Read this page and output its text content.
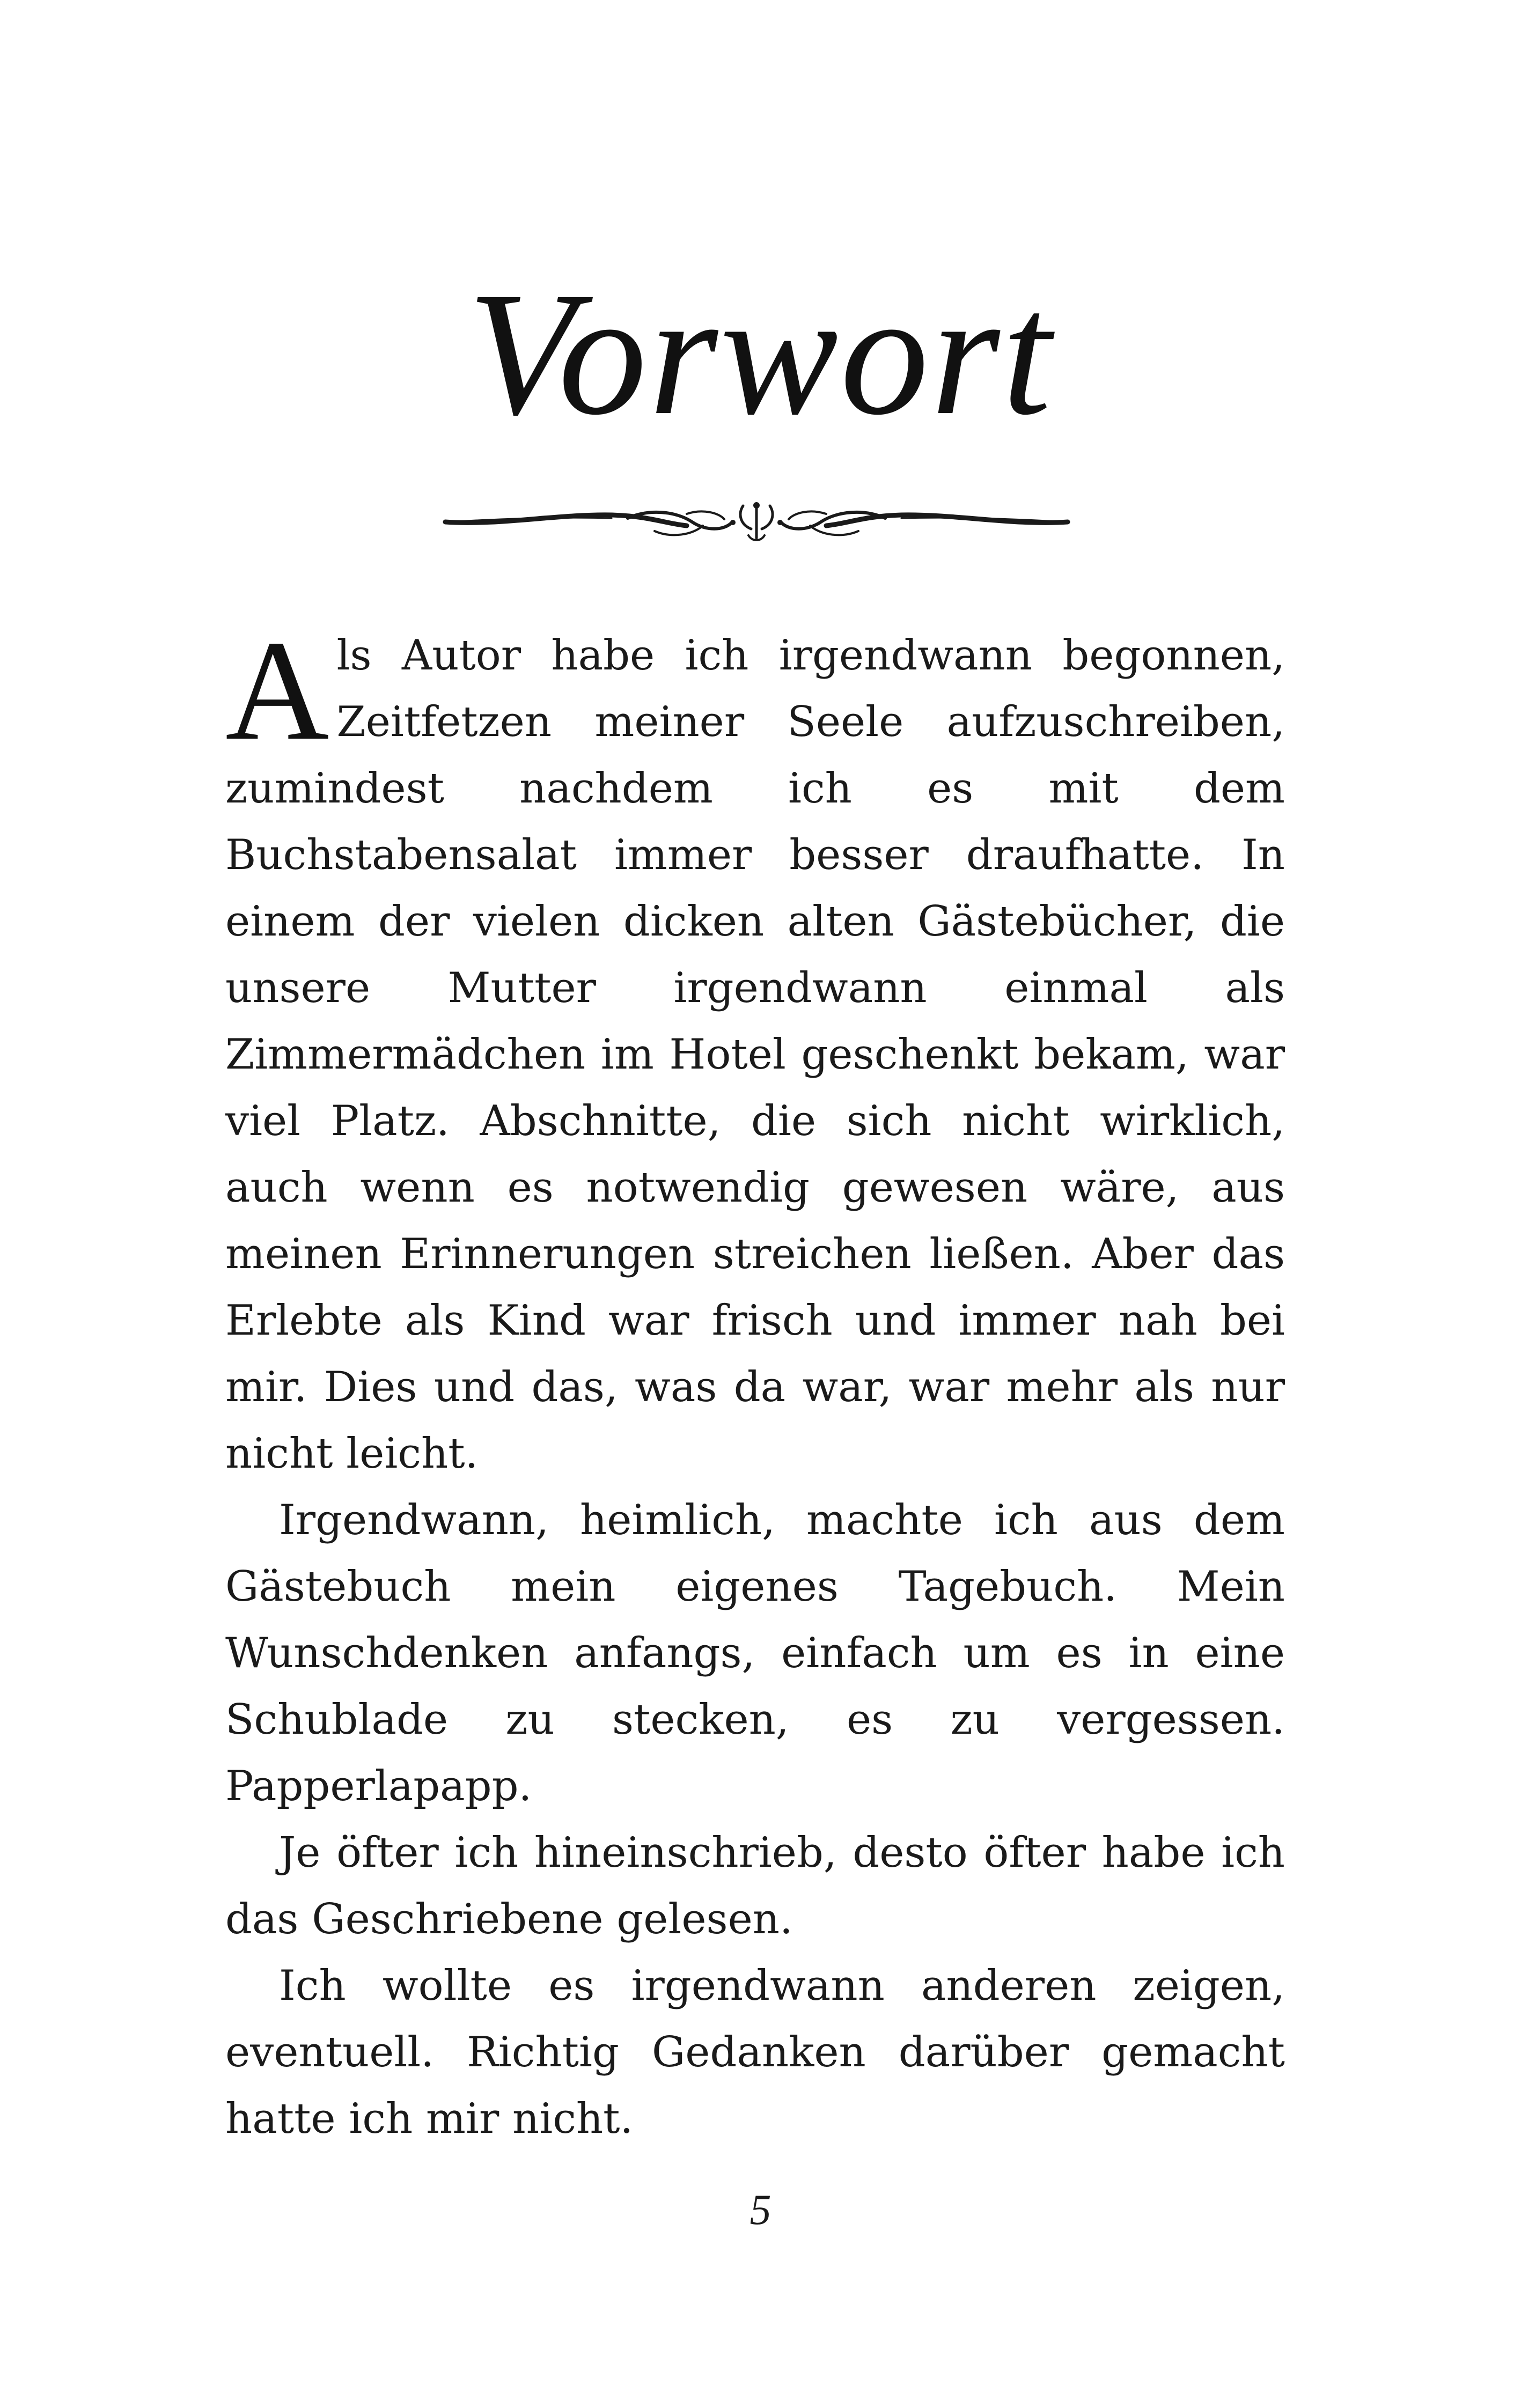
Vorwort

Als Autor habe ich irgendwann begonnen, Zeitfetzen meiner Seele aufzuschreiben, zumindest nachdem ich es mit dem Buchstabensalat immer besser draufhatte. In einem der vielen dicken alten Gästebücher, die unsere Mutter irgendwann einmal als Zimmermädchen im Hotel geschenkt bekam, war viel Platz. Abschnitte, die sich nicht wirklich, auch wenn es notwendig gewesen wäre, aus meinen Erinnerungen streichen ließen. Aber das Erlebte als Kind war frisch und immer nah bei mir. Dies und das, was da war, war mehr als nur nicht leicht.

Irgendwann, heimlich, machte ich aus dem Gästebuch mein eigenes Tagebuch. Mein Wunschdenken anfangs, einfach um es in eine Schublade zu stecken, es zu vergessen. Papperlapapp.

Je öfter ich hineinschrieb, desto öfter habe ich das Geschriebene gelesen.

Ich wollte es irgendwann anderen zeigen, eventuell. Richtig Gedanken darüber gemacht hatte ich mir nicht.

5
